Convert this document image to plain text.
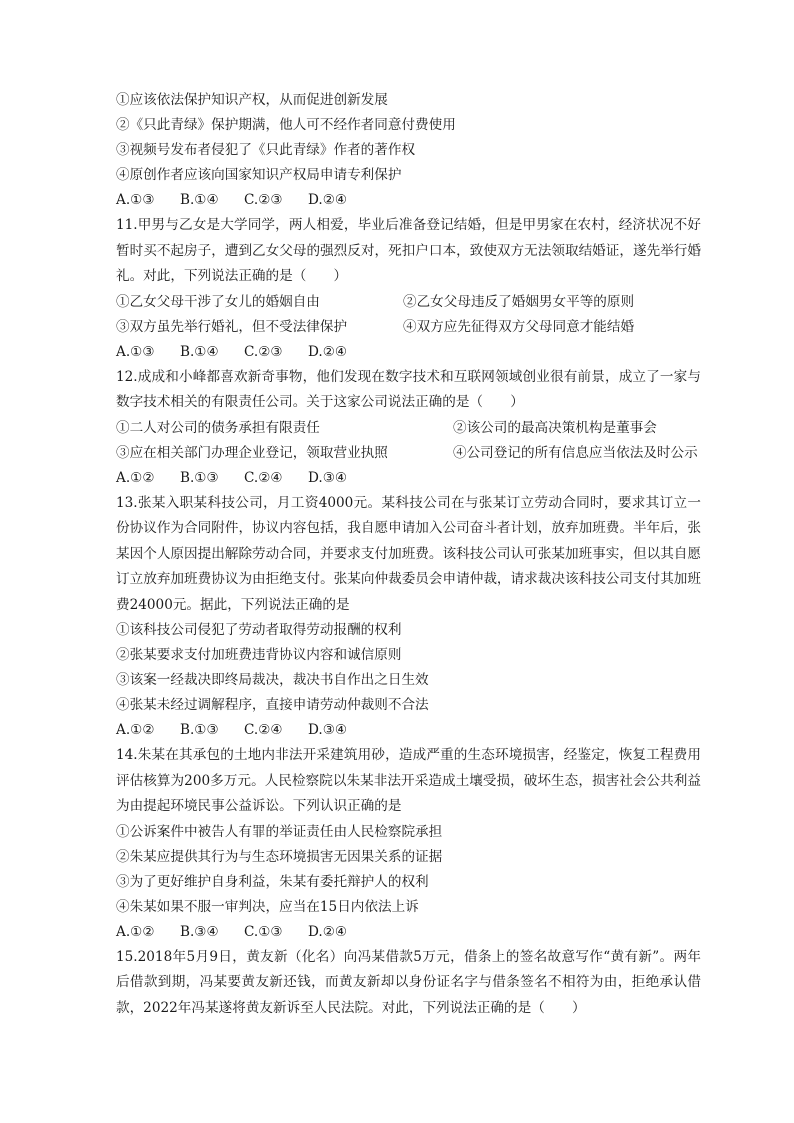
①应该依法保护知识产权，从而促进创新发展
②《只此青绿》保护期满，他人可不经作者同意付费使用
③视频号发布者侵犯了《只此青绿》作者的著作权
④原创作者应该向国家知识产权局申请专利保护
A.①③	B.①④	C.②③	D.②④
11.甲男与乙女是大学同学，两人相爱，毕业后准备登记结婚，但是甲男家在农村，经济状况不好暂时买不起房子，遭到乙女父母的强烈反对，死扣户口本，致使双方无法领取结婚证，遂先举行婚礼。对此，下列说法正确的是（　　）
①乙女父母干涉了女儿的婚姻自由	②乙女父母违反了婚姻男女平等的原则
③双方虽先举行婚礼，但不受法律保护	④双方应先征得双方父母同意才能结婚
A.①③	B.①④	C.②③	D.②④
12.成成和小峰都喜欢新奇事物，他们发现在数字技术和互联网领域创业很有前景，成立了一家与数字技术相关的有限责任公司。关于这家公司说法正确的是（　　）
①二人对公司的债务承担有限责任	②该公司的最高决策机构是董事会
③应在相关部门办理企业登记，领取营业执照	④公司登记的所有信息应当依法及时公示
A.①②	B.①③	C.②④	D.③④
13.张某入职某科技公司，月工资4000元。某科技公司在与张某订立劳动合同时，要求其订立一份协议作为合同附件，协议内容包括，我自愿申请加入公司奋斗者计划，放弃加班费。半年后，张某因个人原因提出解除劳动合同，并要求支付加班费。该科技公司认可张某加班事实，但以其自愿订立放弃加班费协议为由拒绝支付。张某向仲裁委员会申请仲裁，请求裁决该科技公司支付其加班费24000元。据此，下列说法正确的是
①该科技公司侵犯了劳动者取得劳动报酬的权利
②张某要求支付加班费违背协议内容和诚信原则
③该案一经裁决即终局裁决，裁决书自作出之日生效
④张某未经过调解程序，直接申请劳动仲裁则不合法
A.①②	B.①③	C.②④	D.③④
14.朱某在其承包的土地内非法开采建筑用砂，造成严重的生态环境损害，经鉴定，恢复工程费用评估核算为200多万元。人民检察院以朱某非法开采造成土壤受损，破坏生态，损害社会公共利益为由提起环境民事公益诉讼。下列认识正确的是
①公诉案件中被告人有罪的举证责任由人民检察院承担
②朱某应提供其行为与生态环境损害无因果关系的证据
③为了更好维护自身利益，朱某有委托辩护人的权利
④朱某如果不服一审判决，应当在15日内依法上诉
A.①②	B.③④	C.①③	D.②④
15.2018年5月9日，黄友新（化名）向冯某借款5万元，借条上的签名故意写作“黄有新”。两年后借款到期，冯某要黄友新还钱，而黄友新却以身份证名字与借条签名不相符为由，拒绝承认借款，2022年冯某遂将黄友新诉至人民法院。对此，下列说法正确的是（　　）
